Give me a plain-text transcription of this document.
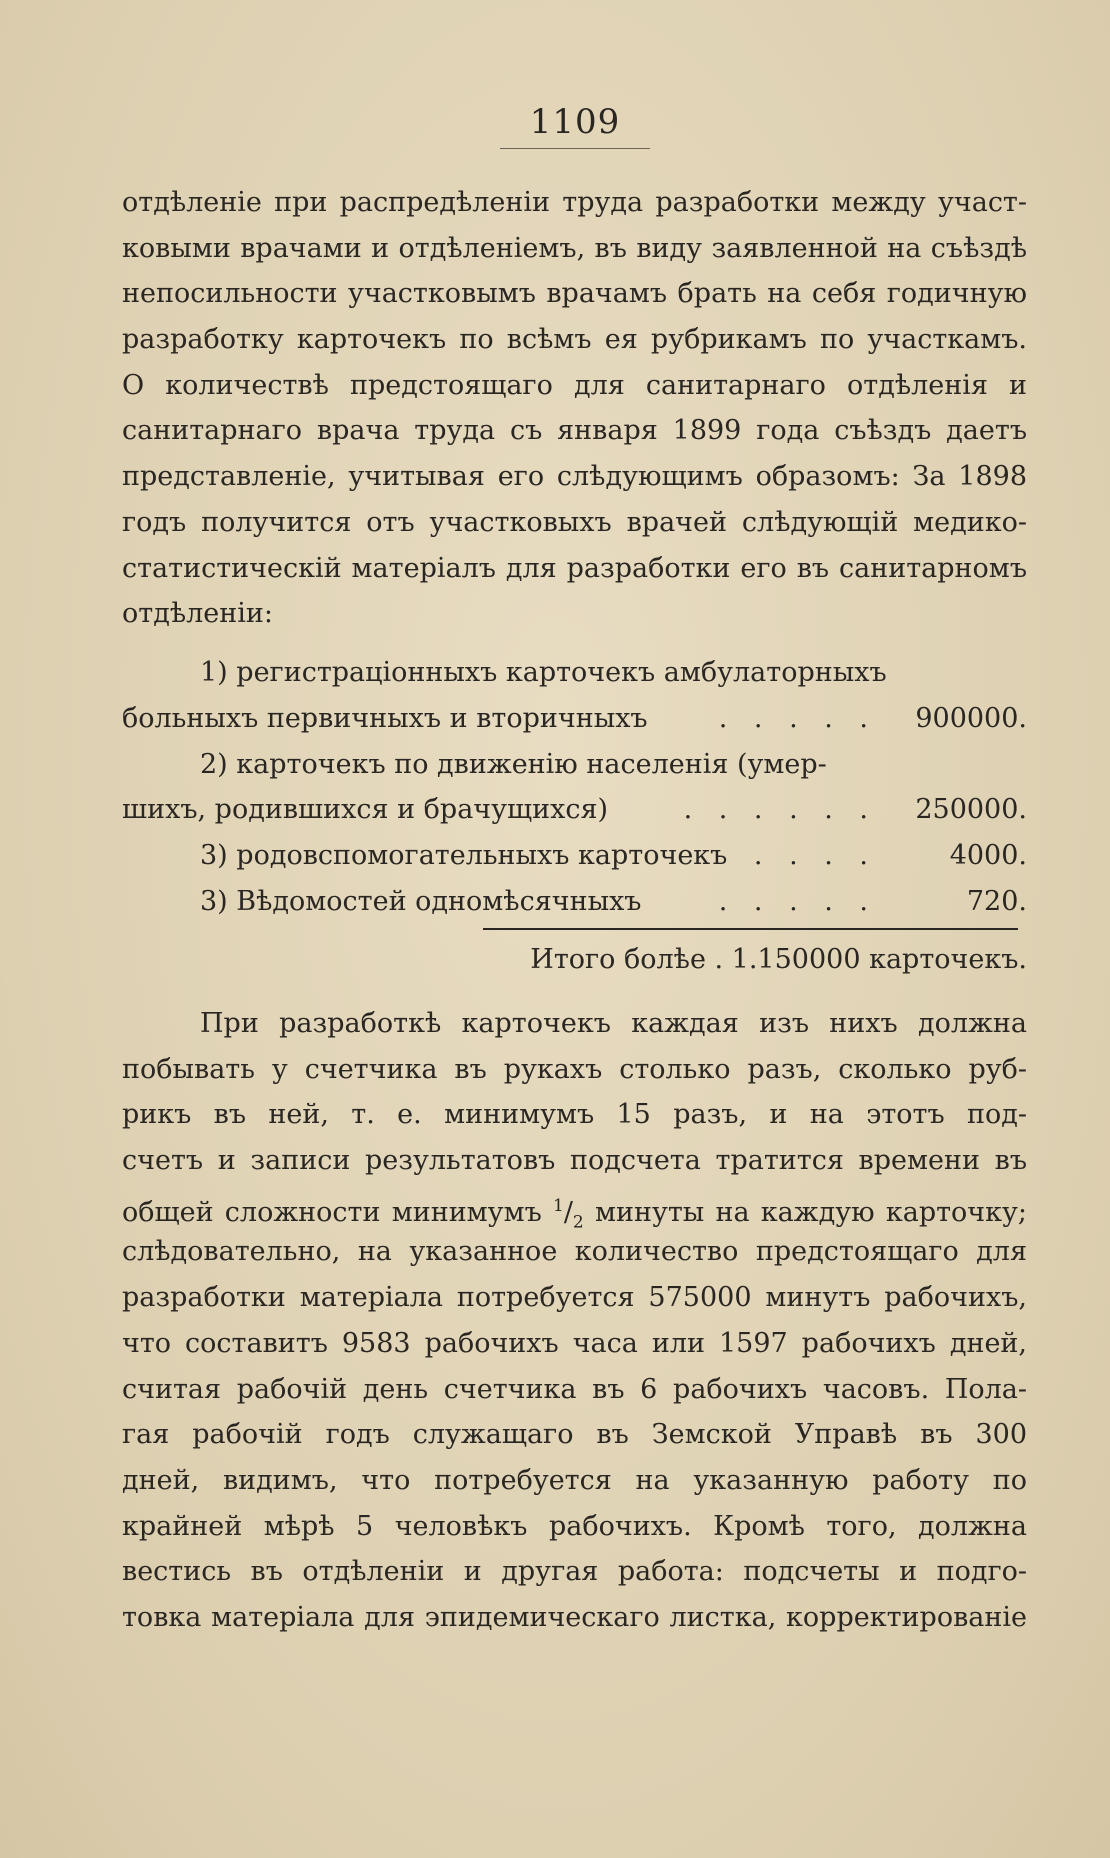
1109
отдѣленіе при распредѣленіи труда разработки между участ-
ковыми врачами и отдѣленіемъ, въ виду заявленной на съѣздѣ
непосильности участковымъ врачамъ брать на себя годичную
разработку карточекъ по всѣмъ ея рубрикамъ по участкамъ.
О количествѣ предстоящаго для санитарнаго отдѣленія и
санитарнаго врача труда съ января 1899 года съѣздъ даетъ
представленіе, учитывая его слѣдующимъ образомъ: За 1898
годъ получится отъ участковыхъ врачей слѣдующій медико-
статистическій матеріалъ для разработки его въ санитарномъ
отдѣленіи:
1) регистраціонныхъ карточекъ амбулаторныхъ
больныхъ первичныхъ и вторичныхъ	. . . . . 900000.
2) карточекъ по движенію населенія (умер-
шихъ, родившихся и брачущихся)	. . . . . . 250000.
3) родовспомогательныхъ карточекъ . . . .	4000.
3) Вѣдомостей одномѣсячныхъ	. . . . .	720.
Итого болѣе . 1.150000 карточекъ.
При разработкѣ карточекъ каждая изъ нихъ должна
побывать у счетчика въ рукахъ столько разъ, сколько руб-
рикъ въ ней, т. е. минимумъ 15 разъ, и на этотъ под-
счетъ и записи результатовъ подсчета тратится времени въ
общей сложности минимумъ $^1/_2$ минуты на каждую карточку;
слѣдовательно, на указанное количество предстоящаго для
разработки матеріала потребуется 575000 минутъ рабочихъ,
что составитъ 9583 рабочихъ часа или 1597 рабочихъ дней,
считая рабочій день счетчика въ 6 рабочихъ часовъ. Пола-
гая рабочій годъ служащаго въ Земской Управѣ въ 300
дней, видимъ, что потребуется на указанную работу по
крайней мѣрѣ 5 человѣкъ рабочихъ. Кромѣ того, должна
вестись въ отдѣленіи и другая работа: подсчеты и подго-
товка матеріала для эпидемическаго листка, корректированіе
